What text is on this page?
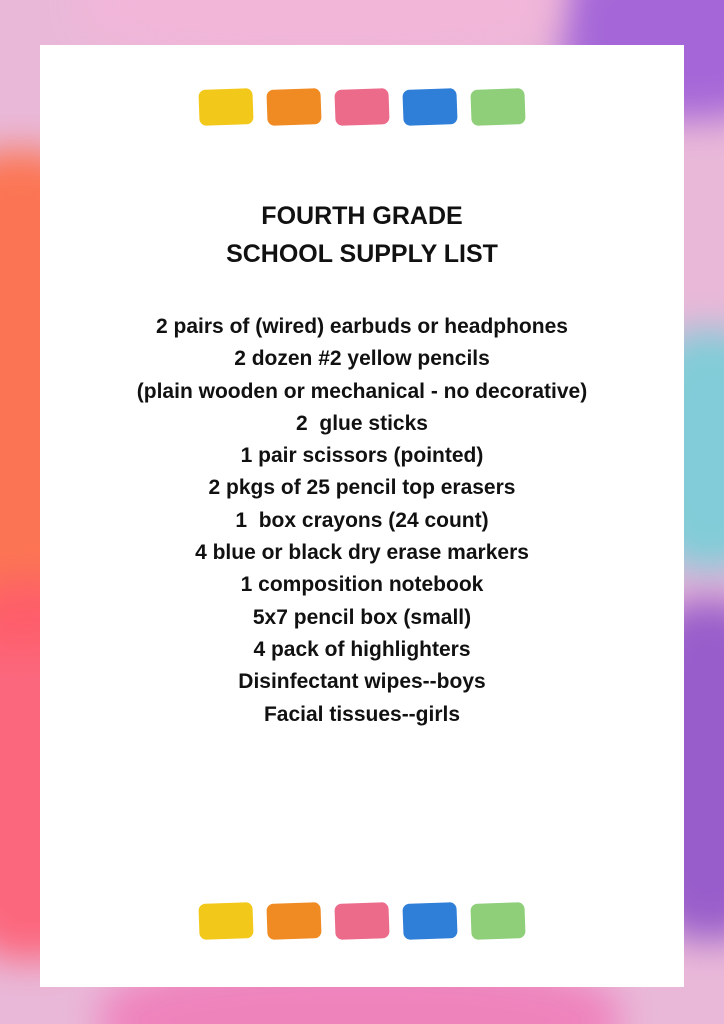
FOURTH GRADE
SCHOOL SUPPLY LIST
2 pairs of (wired) earbuds or headphones
2 dozen #2 yellow pencils
(plain wooden or mechanical - no decorative)
2  glue sticks
1 pair scissors (pointed)
2 pkgs of 25 pencil top erasers
1  box crayons (24 count)
4 blue or black dry erase markers
1 composition notebook
5x7 pencil box (small)
4 pack of highlighters
Disinfectant wipes--boys
Facial tissues--girls
